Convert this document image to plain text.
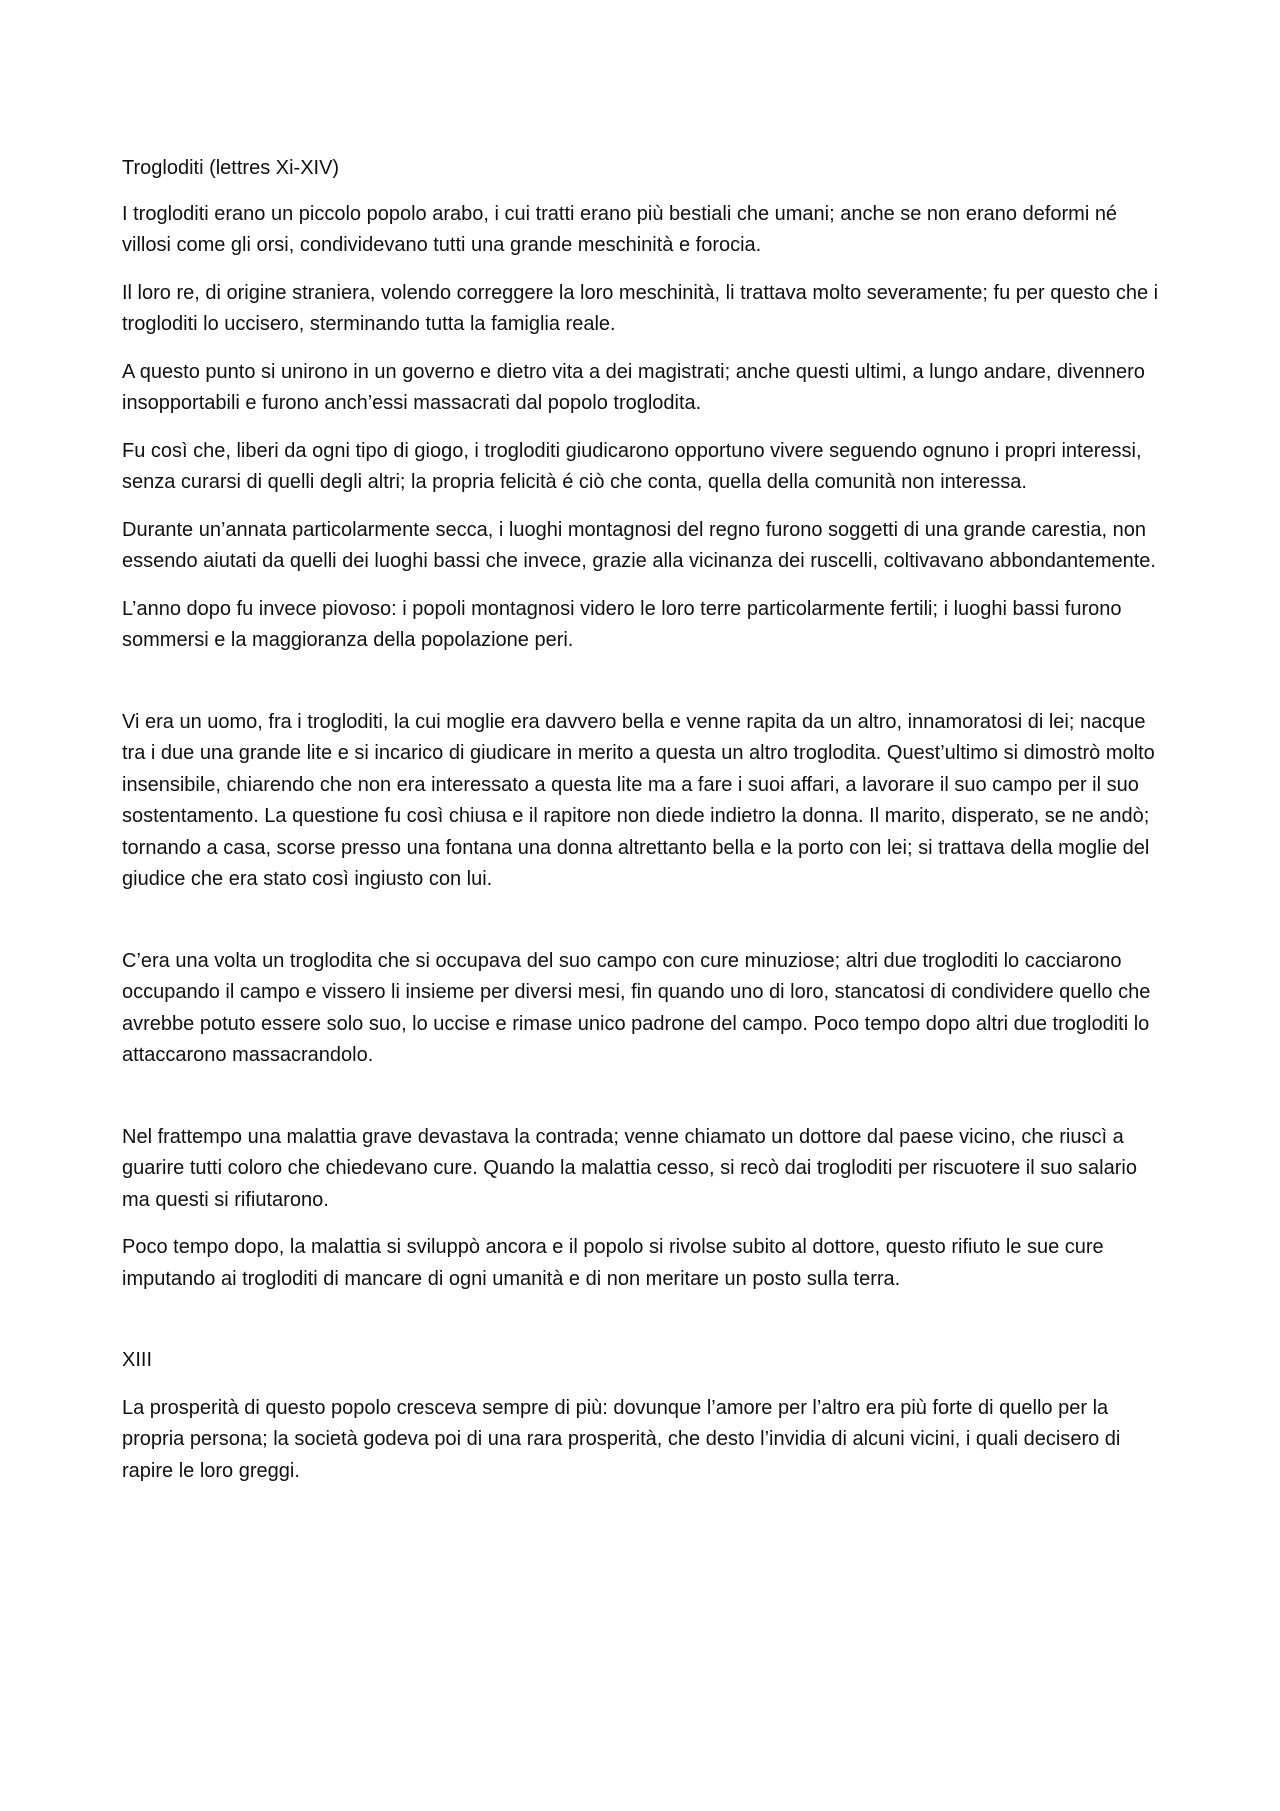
Trogloditi (lettres Xi-XIV)

I trogloditi erano un piccolo popolo arabo, i cui tratti erano più bestiali che umani; anche se non erano deformi né villosi come gli orsi, condividevano tutti una grande meschinità e forocia.

Il loro re, di origine straniera, volendo correggere la loro meschinità, li trattava molto severamente; fu per questo che i trogloditi lo uccisero, sterminando tutta la famiglia reale.

A questo punto si unirono in un governo e dietro vita a dei magistrati; anche questi ultimi, a lungo andare, divennero insopportabili e furono anch’essi massacrati dal popolo troglodita.

Fu così che, liberi da ogni tipo di giogo, i trogloditi giudicarono opportuno vivere seguendo ognuno i propri interessi, senza curarsi di quelli degli altri; la propria felicità é ciò che conta, quella della comunità non interessa.

Durante un’annata particolarmente secca, i luoghi montagnosi del regno furono soggetti di una grande carestia, non essendo aiutati da quelli dei luoghi bassi che invece, grazie alla vicinanza dei ruscelli, coltivavano abbondantemente.

L’anno dopo fu invece piovoso: i popoli montagnosi videro le loro terre particolarmente fertili; i luoghi bassi furono sommersi e la maggioranza della popolazione peri.

Vi era un uomo, fra i trogloditi, la cui moglie era davvero bella e venne rapita da un altro, innamoratosi di lei; nacque tra i due una grande lite e si incarico di giudicare in merito a questa un altro troglodita. Quest’ultimo si dimostrò molto insensibile, chiarendo che non era interessato a questa lite ma a fare i suoi affari, a lavorare il suo campo per il suo sostentamento. La questione fu così chiusa e il rapitore non diede indietro la donna. Il marito, disperato, se ne andò; tornando a casa, scorse presso una fontana una donna altrettanto bella e la porto con lei; si trattava della moglie del giudice che era stato così ingiusto con lui.

C’era una volta un troglodita che si occupava del suo campo con cure minuziose; altri due trogloditi lo cacciarono occupando il campo e vissero li insieme per diversi mesi, fin quando uno di loro, stancatosi di condividere quello che avrebbe potuto essere solo suo, lo uccise e rimase unico padrone del campo. Poco tempo dopo altri due trogloditi lo attaccarono massacrandolo.

Nel frattempo una malattia grave devastava la contrada; venne chiamato un dottore dal paese vicino, che riuscì a guarire tutti coloro che chiedevano cure. Quando la malattia cesso, si recò dai trogloditi per riscuotere il suo salario ma questi si rifiutarono.

Poco tempo dopo, la malattia si sviluppò ancora e il popolo si rivolse subito al dottore, questo rifiuto le sue cure imputando ai trogloditi di mancare di ogni umanità e di non meritare un posto sulla terra.

XIII

La prosperità di questo popolo cresceva sempre di più: dovunque l’amore per l’altro era più forte di quello per la propria persona; la società godeva poi di una rara prosperità, che desto l’invidia di alcuni vicini, i quali decisero di rapire le loro greggi.
